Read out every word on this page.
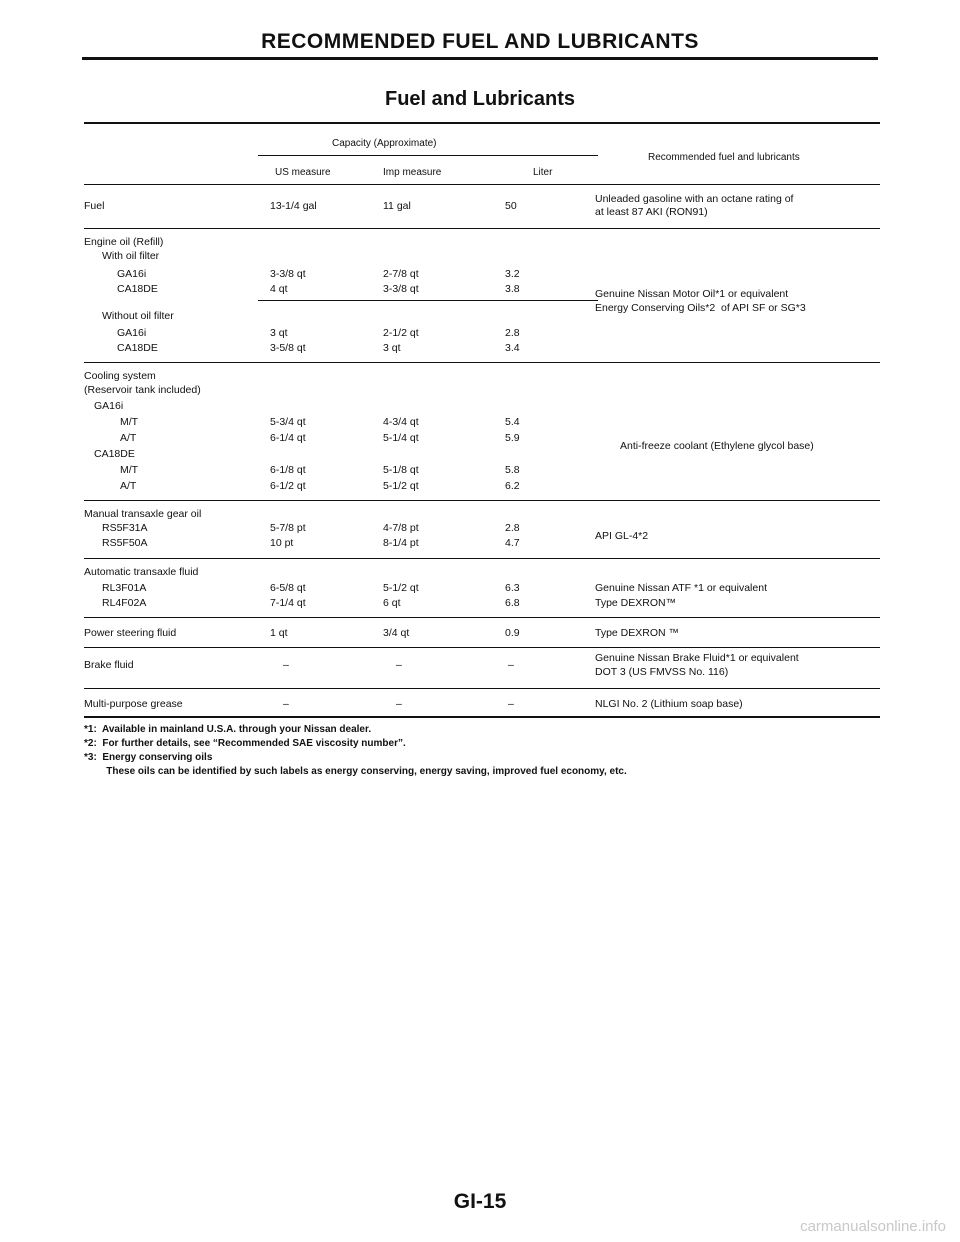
RECOMMENDED FUEL AND LUBRICANTS
Fuel and Lubricants
Capacity (Approximate)
US measure	Imp measure	Liter
Recommended fuel and lubricants
Fuel	13-1/4 gal	11 gal	50
Unleaded gasoline with an octane rating of
at least 87 AKI (RON91)
Engine oil (Refill)
With oil filter
GA16i	3-3/8 qt	2-7/8 qt	3.2
CA18DE	4 qt	3-3/8 qt	3.8
Without oil filter
GA16i	3 qt	2-1/2 qt	2.8
CA18DE	3-5/8 qt	3 qt	3.4
Genuine Nissan Motor Oil*1 or equivalent
Energy Conserving Oils*2  of API SF or SG*3
Cooling system
(Reservoir tank included)
GA16i
M/T	5-3/4 qt	4-3/4 qt	5.4
A/T	6-1/4 qt	5-1/4 qt	5.9
CA18DE
M/T	6-1/8 qt	5-1/8 qt	5.8
A/T	6-1/2 qt	5-1/2 qt	6.2
Anti-freeze coolant (Ethylene glycol base)
Manual transaxle gear oil
RS5F31A	5-7/8 pt	4-7/8 pt	2.8
RS5F50A	10 pt	8-1/4 pt	4.7
API GL-4*2
Automatic transaxle fluid
RL3F01A	6-5/8 qt	5-1/2 qt	6.3
RL4F02A	7-1/4 qt	6 qt	6.8
Genuine Nissan ATF *1 or equivalent
Type DEXRON™
Power steering fluid	1 qt	3/4 qt	0.9	Type DEXRON ™
Brake fluid	–	–	–
Genuine Nissan Brake Fluid*1 or equivalent
DOT 3 (US FMVSS No. 116)
Multi-purpose grease	–	–	–	NLGI No. 2 (Lithium soap base)
*1:  Available in mainland U.S.A. through your Nissan dealer.
*2:  For further details, see “Recommended SAE viscosity number”.
*3:  Energy conserving oils
These oils can be identified by such labels as energy conserving, energy saving, improved fuel economy, etc.
GI-15
carmanualsonline.info
